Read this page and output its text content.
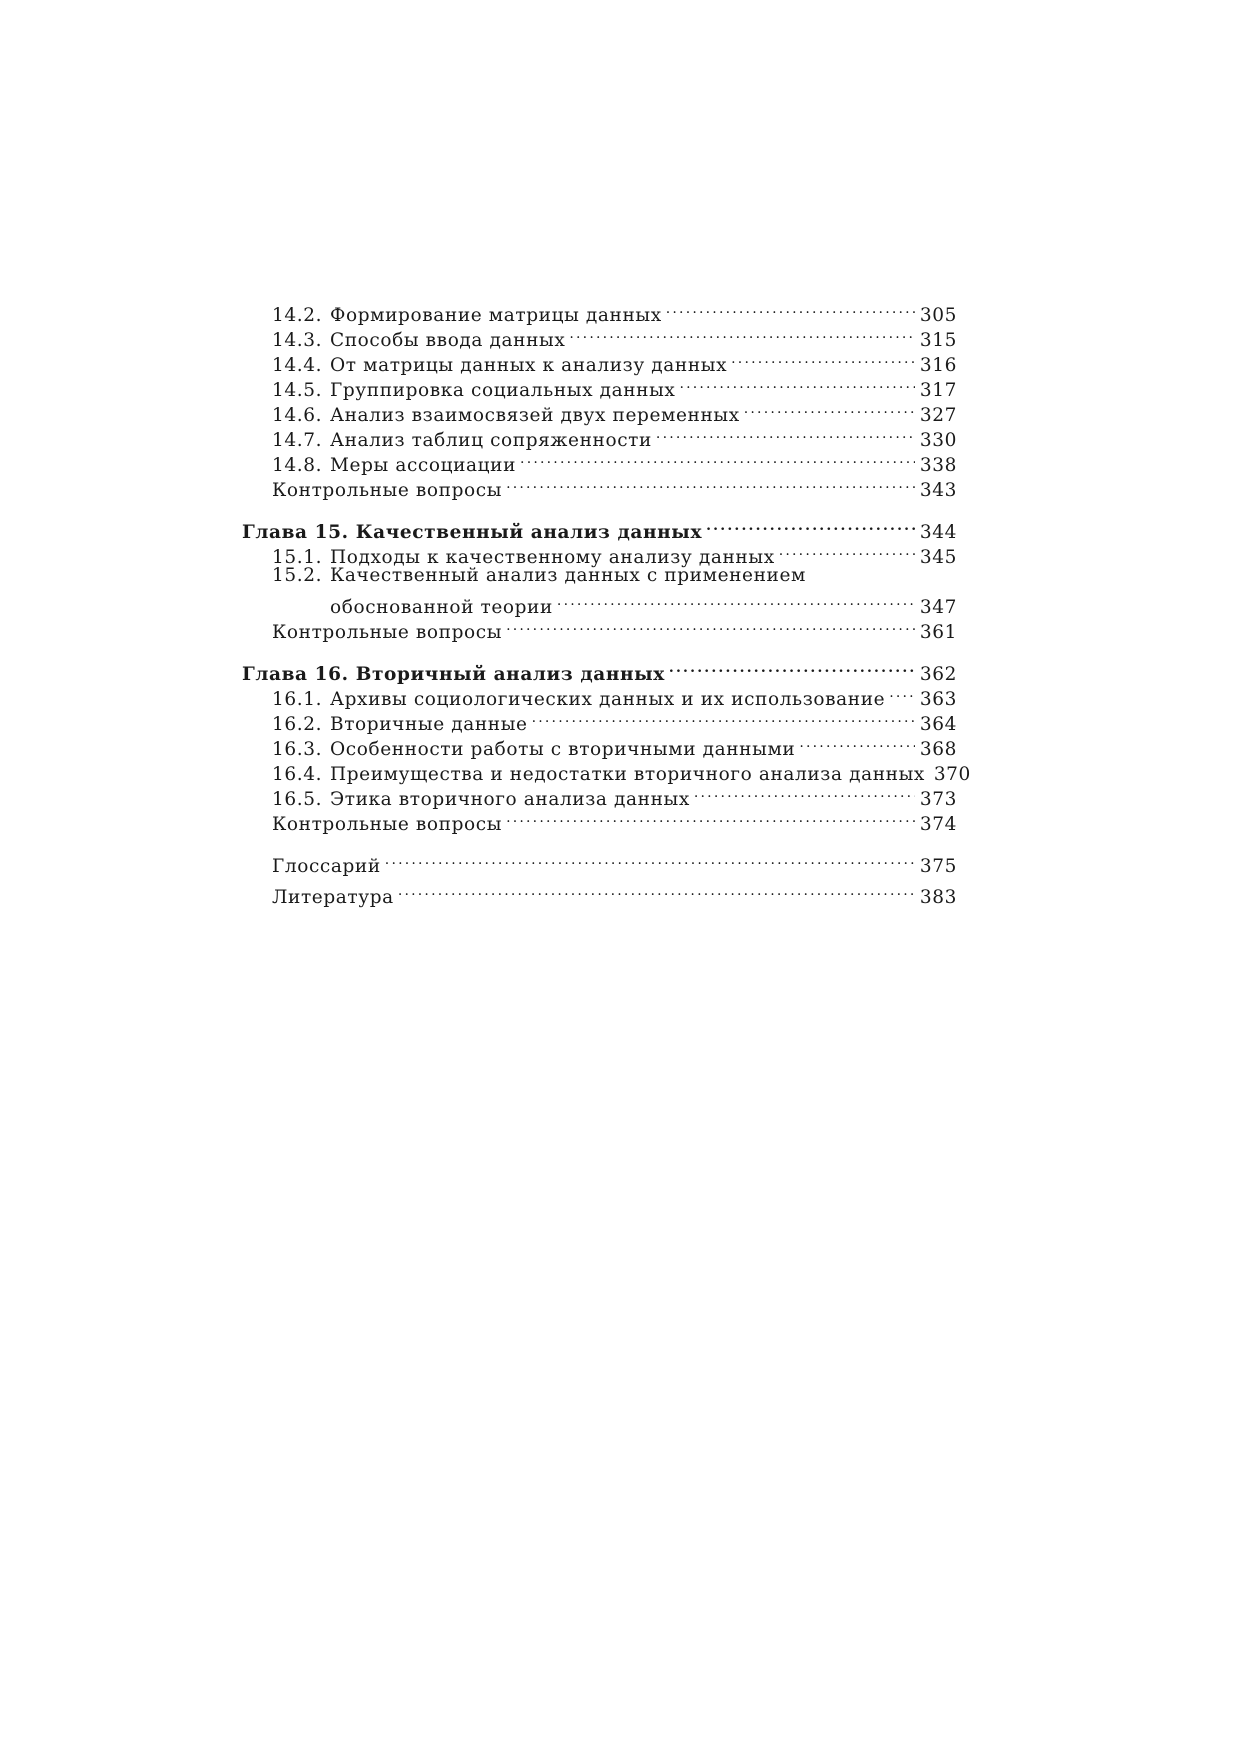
14.2. Формирование матрицы данных .....	305
14.3. Способы ввода данных .....	315
14.4. От матрицы данных к анализу данных .....	316
14.5. Группировка социальных данных .....	317
14.6. Анализ взаимосвязей двух переменных .....	327
14.7. Анализ таблиц сопряженности .....	330
14.8. Меры ассоциации .....	338
Контрольные вопросы .....	343
Глава 15. Качественный анализ данных .....	344
15.1. Подходы к качественному анализу данных .....	345
15.2. Качественный анализ данных с применением
обоснованной теории .....	347
Контрольные вопросы .....	361
Глава 16. Вторичный анализ данных .....	362
16.1. Архивы социологических данных и их использование ..... 363
16.2. Вторичные данные .....	364
16.3. Особенности работы с вторичными данными .....	368
16.4. Преимущества и недостатки вторичного анализа данных 370
16.5. Этика вторичного анализа данных .....	373
Контрольные вопросы .....	374
Глоссарий .....	375
Литература .....	383
